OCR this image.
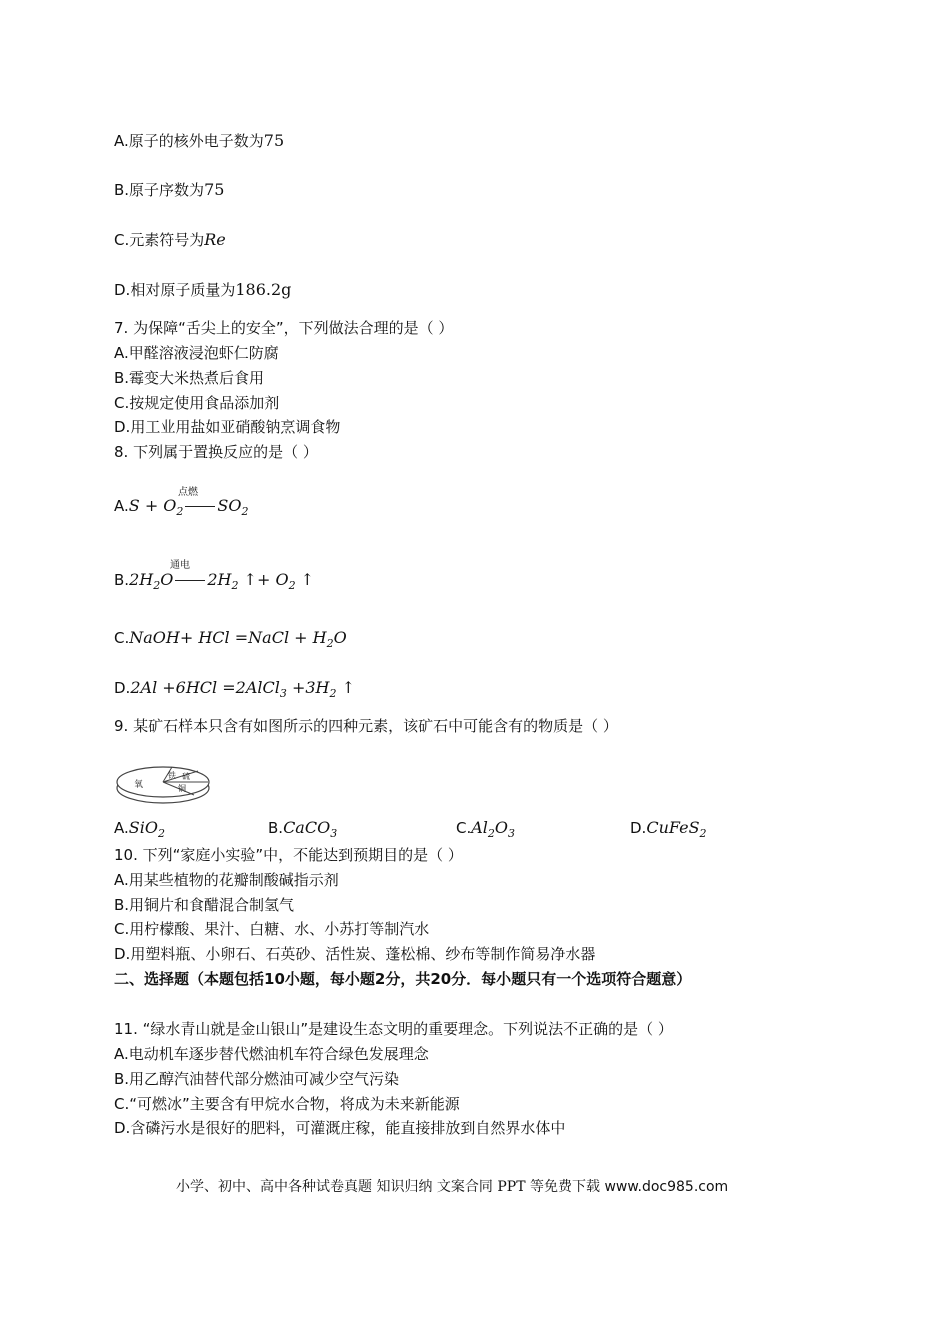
A.原子的核外电子数为75
B.原子序数为75
C.元素符号为Re
D.相对原子质量为186.2g
7. 为保障“舌尖上的安全”，下列做法合理的是（ ）
A.甲醛溶液浸泡虾仁防腐
B.霉变大米热煮后食用
C.按规定使用食品添加剂
D.用工业用盐如亚硝酸钠烹调食物
8. 下列属于置换反应的是（ ）
$A.S + O_2$ $SO_2$
点燃
$B.2H_2O$ $2H_2$ ↑+ $O_2$ ↑
通电
C.NaOH+ HCl =NaCl + $H_2O$
D.2Al +6HCl =2AlCl$_3$ $+3H_2$ ↑
9. 某矿石样本只含有如图所示的四种元素，该矿石中可能含有的物质是（ ）
氧
铁 硫
铜
A.SiO$_2$	B.CaCO$_3$	$C.Al_2O_3$	D.CuFeS$_2$
10. 下列“家庭小实验”中，不能达到预期目的是（ ）
A.用某些植物的花瓣制酸碱指示剂
B.用铜片和食醋混合制氢气
C.用柠檬酸、果汁、白糖、水、小苏打等制汽水
D.用塑料瓶、小卵石、石英砂、活性炭、蓬松棉、纱布等制作简易净水器
二、选择题（本题包括10小题，每小题2分，共20分．每小题只有一个选项符合题意）
11. “绿水青山就是金山银山”是建设生态文明的重要理念。下列说法不正确的是（ ）
A.电动机车逐步替代燃油机车符合绿色发展理念
B.用乙醇汽油替代部分燃油可减少空气污染
C.“可燃冰”主要含有甲烷水合物，将成为未来新能源
D.含磷污水是很好的肥料，可灌溉庄稼，能直接排放到自然界水体中
小学、初中、高中各种试卷真题 知识归纳 文案合同 PPT 等免费下载 www.doc985.com
